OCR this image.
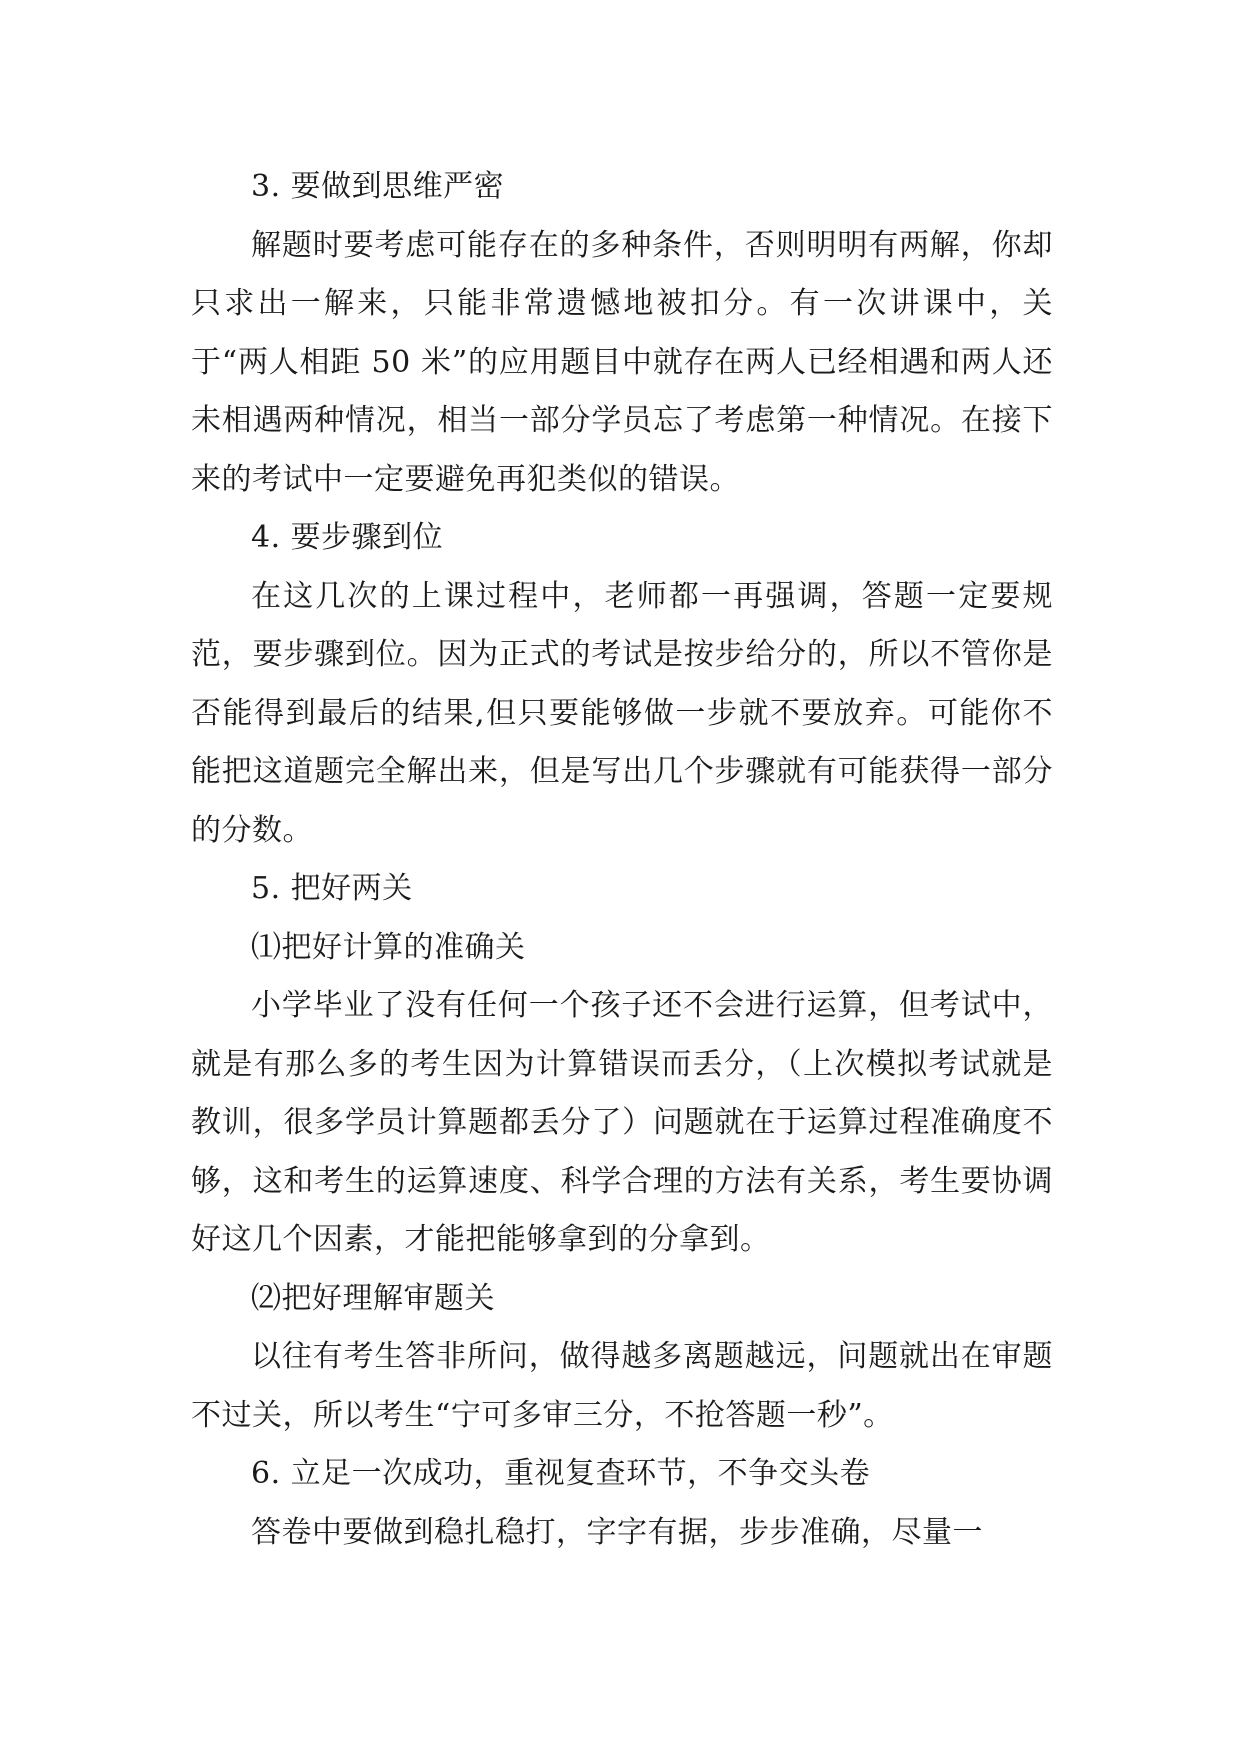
3. 要做到思维严密

解题时要考虑可能存在的多种条件，否则明明有两解，你却只求出一解来，只能非常遗憾地被扣分。有一次讲课中，关于“两人相距 50 米”的应用题目中就存在两人已经相遇和两人还未相遇两种情况，相当一部分学员忘了考虑第一种情况。在接下来的考试中一定要避免再犯类似的错误。

4. 要步骤到位

在这几次的上课过程中，老师都一再强调，答题一定要规范，要步骤到位。因为正式的考试是按步给分的，所以不管你是否能得到最后的结果,但只要能够做一步就不要放弃。可能你不能把这道题完全解出来，但是写出几个步骤就有可能获得一部分的分数。

5. 把好两关

⑴把好计算的准确关

小学毕业了没有任何一个孩子还不会进行运算，但考试中，就是有那么多的考生因为计算错误而丢分，（上次模拟考试就是教训，很多学员计算题都丢分了）问题就在于运算过程准确度不够，这和考生的运算速度、科学合理的方法有关系，考生要协调好这几个因素，才能把能够拿到的分拿到。

⑵把好理解审题关

以往有考生答非所问，做得越多离题越远，问题就出在审题不过关，所以考生“宁可多审三分，不抢答题一秒”。

6. 立足一次成功，重视复查环节，不争交头卷

答卷中要做到稳扎稳打，字字有据，步步准确，尽量一
